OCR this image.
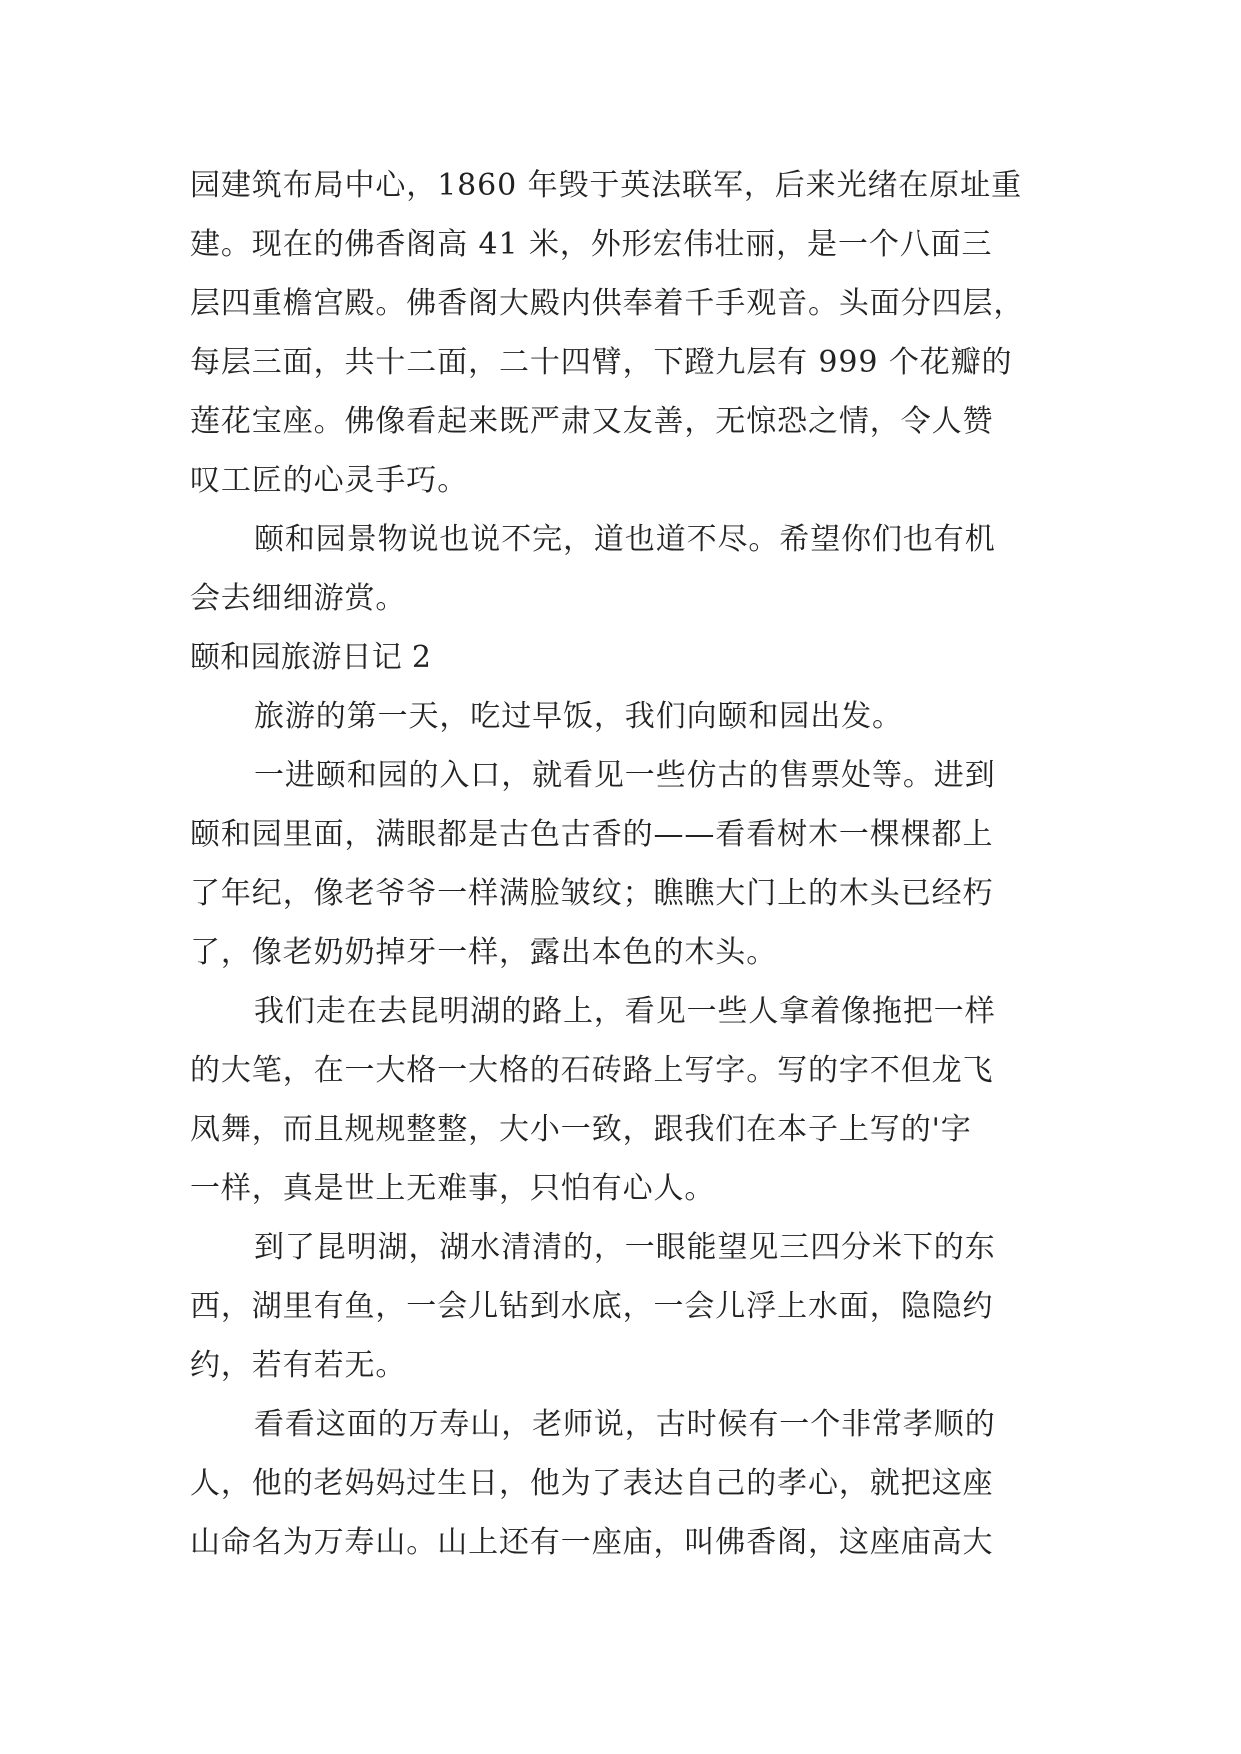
园建筑布局中心，1860 年毁于英法联军，后来光绪在原址重
建。现在的佛香阁高 41 米，外形宏伟壮丽，是一个八面三
层四重檐宫殿。佛香阁大殿内供奉着千手观音。头面分四层，
每层三面，共十二面，二十四臂，下蹬九层有 999 个花瓣的
莲花宝座。佛像看起来既严肃又友善，无惊恐之情，令人赞
叹工匠的心灵手巧。
颐和园景物说也说不完，道也道不尽。希望你们也有机
会去细细游赏。
颐和园旅游日记 2
旅游的第一天，吃过早饭，我们向颐和园出发。
一进颐和园的入口，就看见一些仿古的售票处等。进到
颐和园里面，满眼都是古色古香的——看看树木一棵棵都上
了年纪，像老爷爷一样满脸皱纹；瞧瞧大门上的木头已经朽
了，像老奶奶掉牙一样，露出本色的木头。
我们走在去昆明湖的路上，看见一些人拿着像拖把一样
的大笔，在一大格一大格的石砖路上写字。写的字不但龙飞
凤舞，而且规规整整，大小一致，跟我们在本子上写的'字
一样，真是世上无难事，只怕有心人。
到了昆明湖，湖水清清的，一眼能望见三四分米下的东
西，湖里有鱼，一会儿钻到水底，一会儿浮上水面，隐隐约
约，若有若无。
看看这面的万寿山，老师说，古时候有一个非常孝顺的
人，他的老妈妈过生日，他为了表达自己的孝心，就把这座
山命名为万寿山。山上还有一座庙，叫佛香阁，这座庙高大
